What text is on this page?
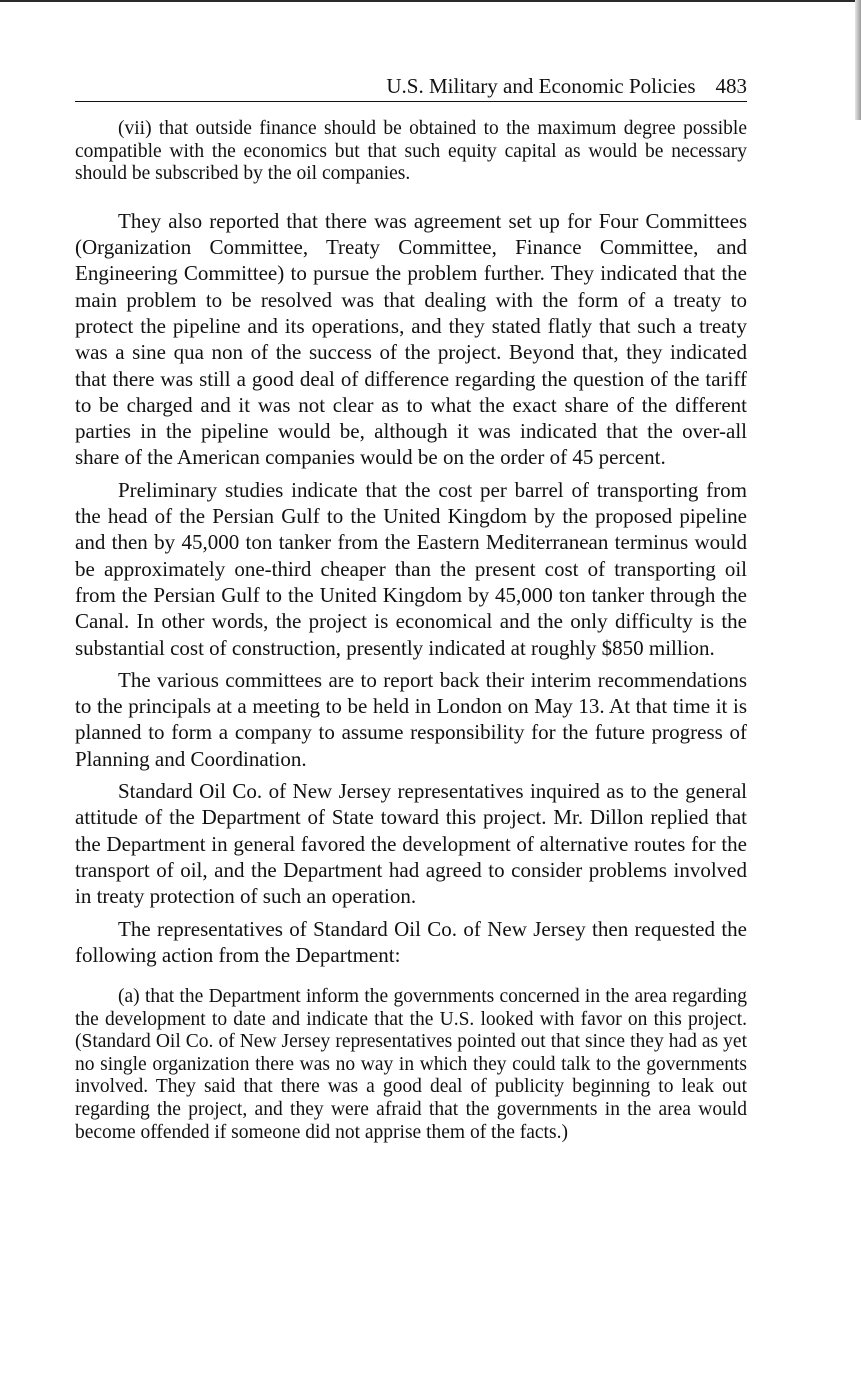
U.S. Military and Economic Policies 483

(vii) that outside finance should be obtained to the maximum degree possible compatible with the economics but that such equity capital as would be necessary should be subscribed by the oil companies.

They also reported that there was agreement set up for Four Committees (Organization Committee, Treaty Committee, Finance Committee, and Engineering Committee) to pursue the problem further. They indicated that the main problem to be resolved was that dealing with the form of a treaty to protect the pipeline and its operations, and they stated flatly that such a treaty was a sine qua non of the success of the project. Beyond that, they indicated that there was still a good deal of difference regarding the question of the tariff to be charged and it was not clear as to what the exact share of the different parties in the pipeline would be, although it was indicated that the over-all share of the American companies would be on the order of 45 percent.

Preliminary studies indicate that the cost per barrel of transporting from the head of the Persian Gulf to the United Kingdom by the proposed pipeline and then by 45,000 ton tanker from the Eastern Mediterranean terminus would be approximately one-third cheaper than the present cost of transporting oil from the Persian Gulf to the United Kingdom by 45,000 ton tanker through the Canal. In other words, the project is economical and the only difficulty is the substantial cost of construction, presently indicated at roughly $850 million.

The various committees are to report back their interim recommendations to the principals at a meeting to be held in London on May 13. At that time it is planned to form a company to assume responsibility for the future progress of Planning and Coordination.

Standard Oil Co. of New Jersey representatives inquired as to the general attitude of the Department of State toward this project. Mr. Dillon replied that the Department in general favored the development of alternative routes for the transport of oil, and the Department had agreed to consider problems involved in treaty protection of such an operation.

The representatives of Standard Oil Co. of New Jersey then requested the following action from the Department:

(a) that the Department inform the governments concerned in the area regarding the development to date and indicate that the U.S. looked with favor on this project. (Standard Oil Co. of New Jersey representatives pointed out that since they had as yet no single organization there was no way in which they could talk to the governments involved. They said that there was a good deal of publicity beginning to leak out regarding the project, and they were afraid that the governments in the area would become offended if someone did not apprise them of the facts.)
